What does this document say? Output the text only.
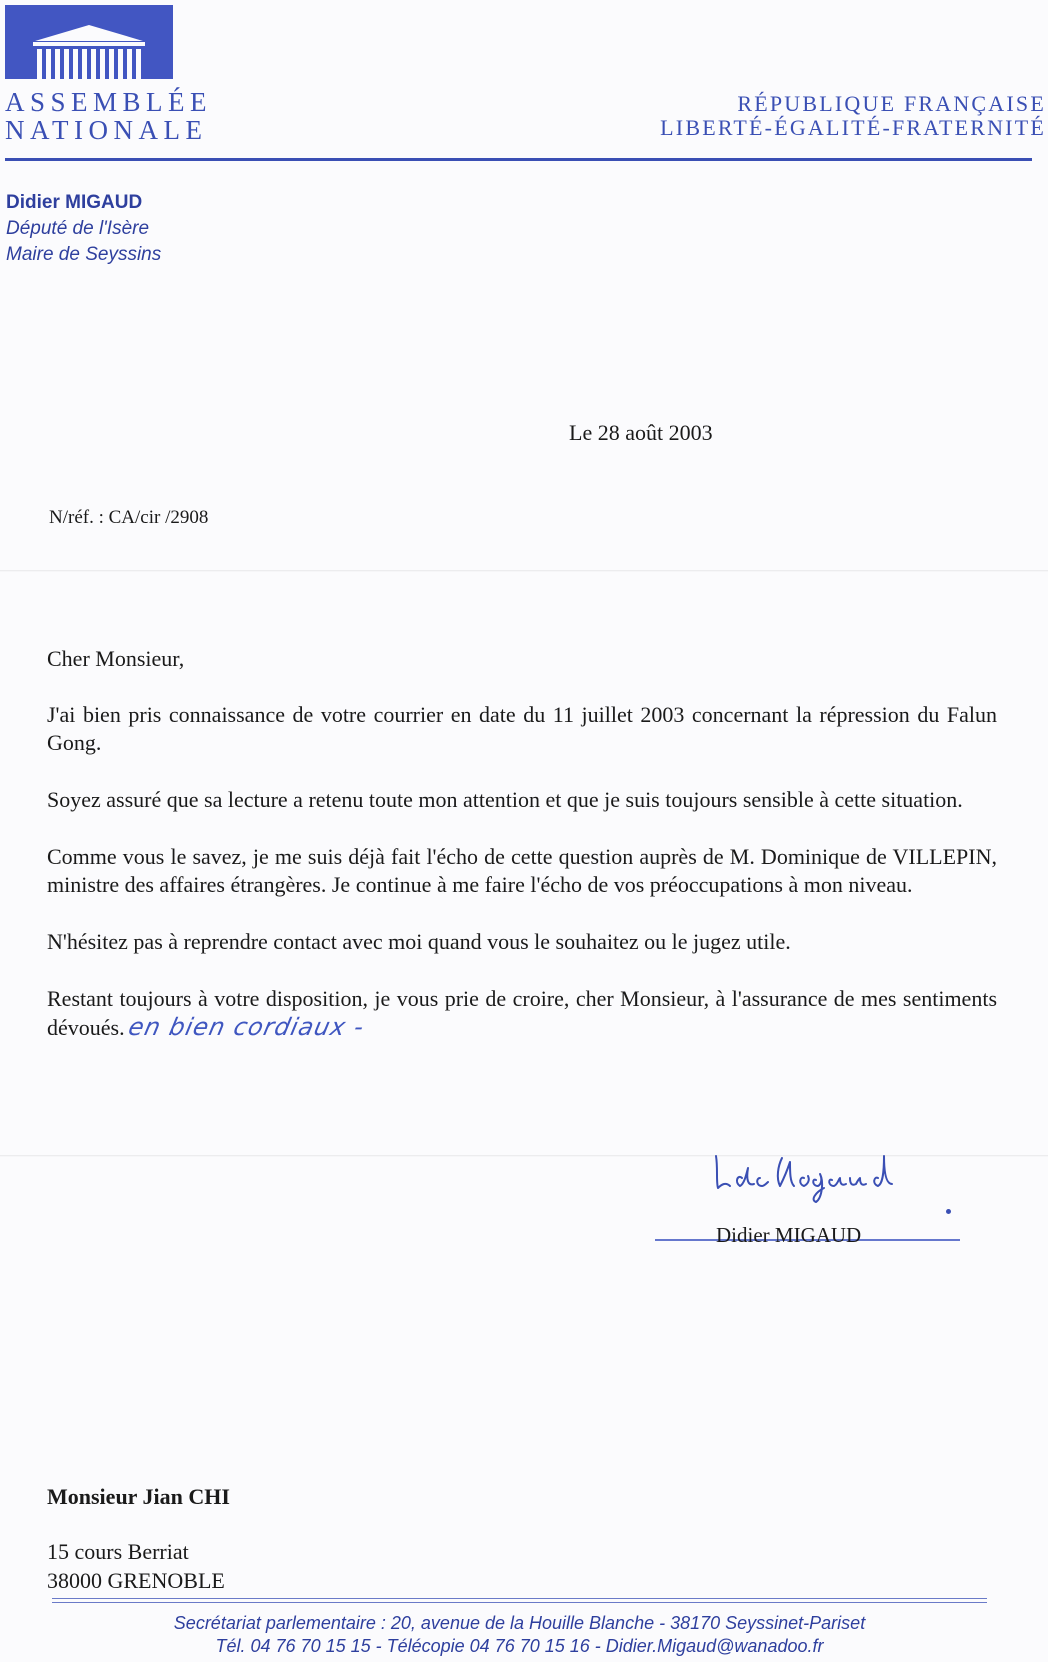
ASSEMBLÉE
NATIONALE
RÉPUBLIQUE FRANÇAISE
LIBERTÉ-ÉGALITÉ-FRATERNITÉ
Didier MIGAUD
Député de l'Isère
Maire de Seyssins
Le 28 août 2003
N/réf. : CA/cir /2908

Cher Monsieur,

J'ai bien pris connaissance de votre courrier en date du 11 juillet 2003 concernant la répression du Falun Gong.

Soyez assuré que sa lecture a retenu toute mon attention et que je suis toujours sensible à cette situation.

Comme vous le savez, je me suis déjà fait l'écho de cette question auprès de M. Dominique de VILLEPIN, ministre des affaires étrangères. Je continue à me faire l'écho de vos préoccupations à mon niveau.

N'hésitez pas à reprendre contact avec moi quand vous le souhaitez ou le jugez utile.

Restant toujours à votre disposition, je vous prie de croire, cher Monsieur, à l'assurance de mes sentiments dévoués.en bien cordiaux -

Didier MIGAUD
Monsieur Jian CHI
15 cours Berriat
38000 GRENOBLE
Secrétariat parlementaire : 20, avenue de la Houille Blanche - 38170 Seyssinet-Pariset
Tél. 04 76 70 15 15 - Télécopie 04 76 70 15 16 - Didier.Migaud@wanadoo.fr
